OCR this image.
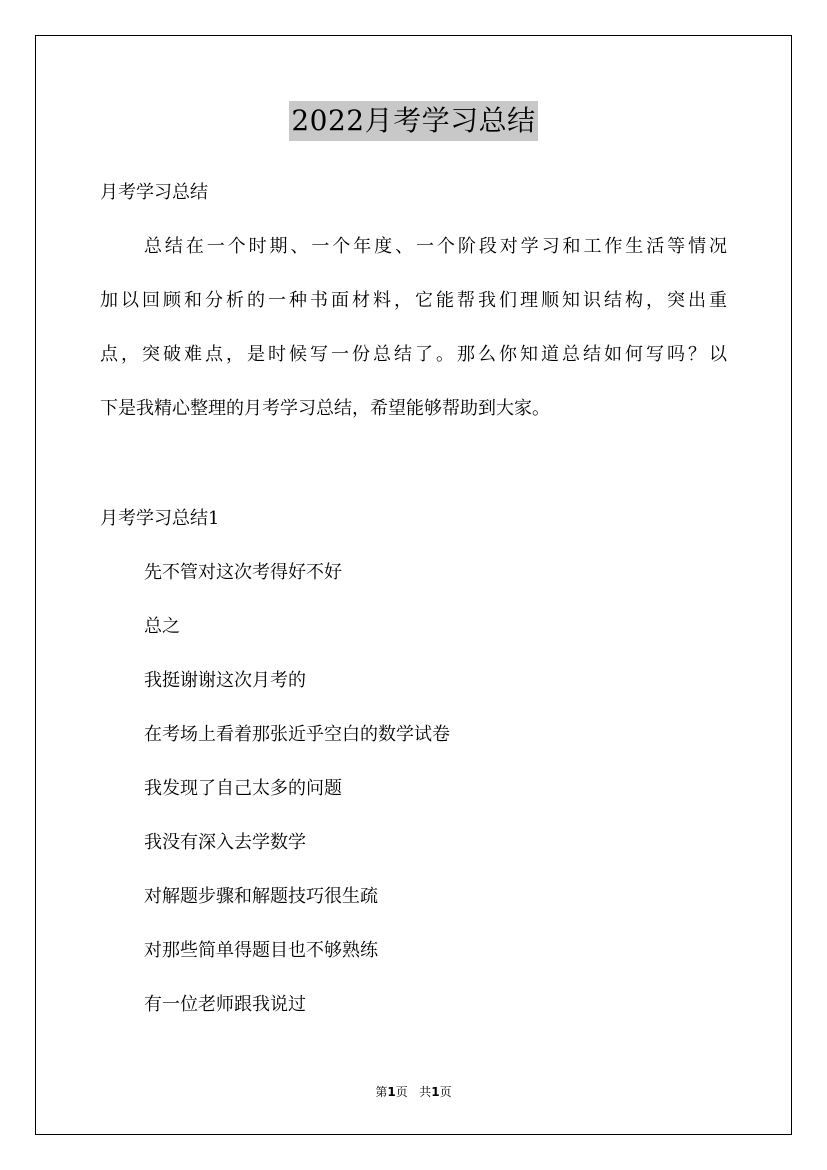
2022月考学习总结
月考学习总结
总结在一个时期、一个年度、一个阶段对学习和工作生活等情况
加以回顾和分析的一种书面材料，它能帮我们理顺知识结构，突出重
点，突破难点，是时候写一份总结了。那么你知道总结如何写吗？以
下是我精心整理的月考学习总结，希望能够帮助到大家。
月考学习总结1
先不管对这次考得好不好
总之
我挺谢谢这次月考的
在考场上看着那张近乎空白的数学试卷
我发现了自己太多的问题
我没有深入去学数学
对解题步骤和解题技巧很生疏
对那些简单得题目也不够熟练
有一位老师跟我说过
第1页 共1页
